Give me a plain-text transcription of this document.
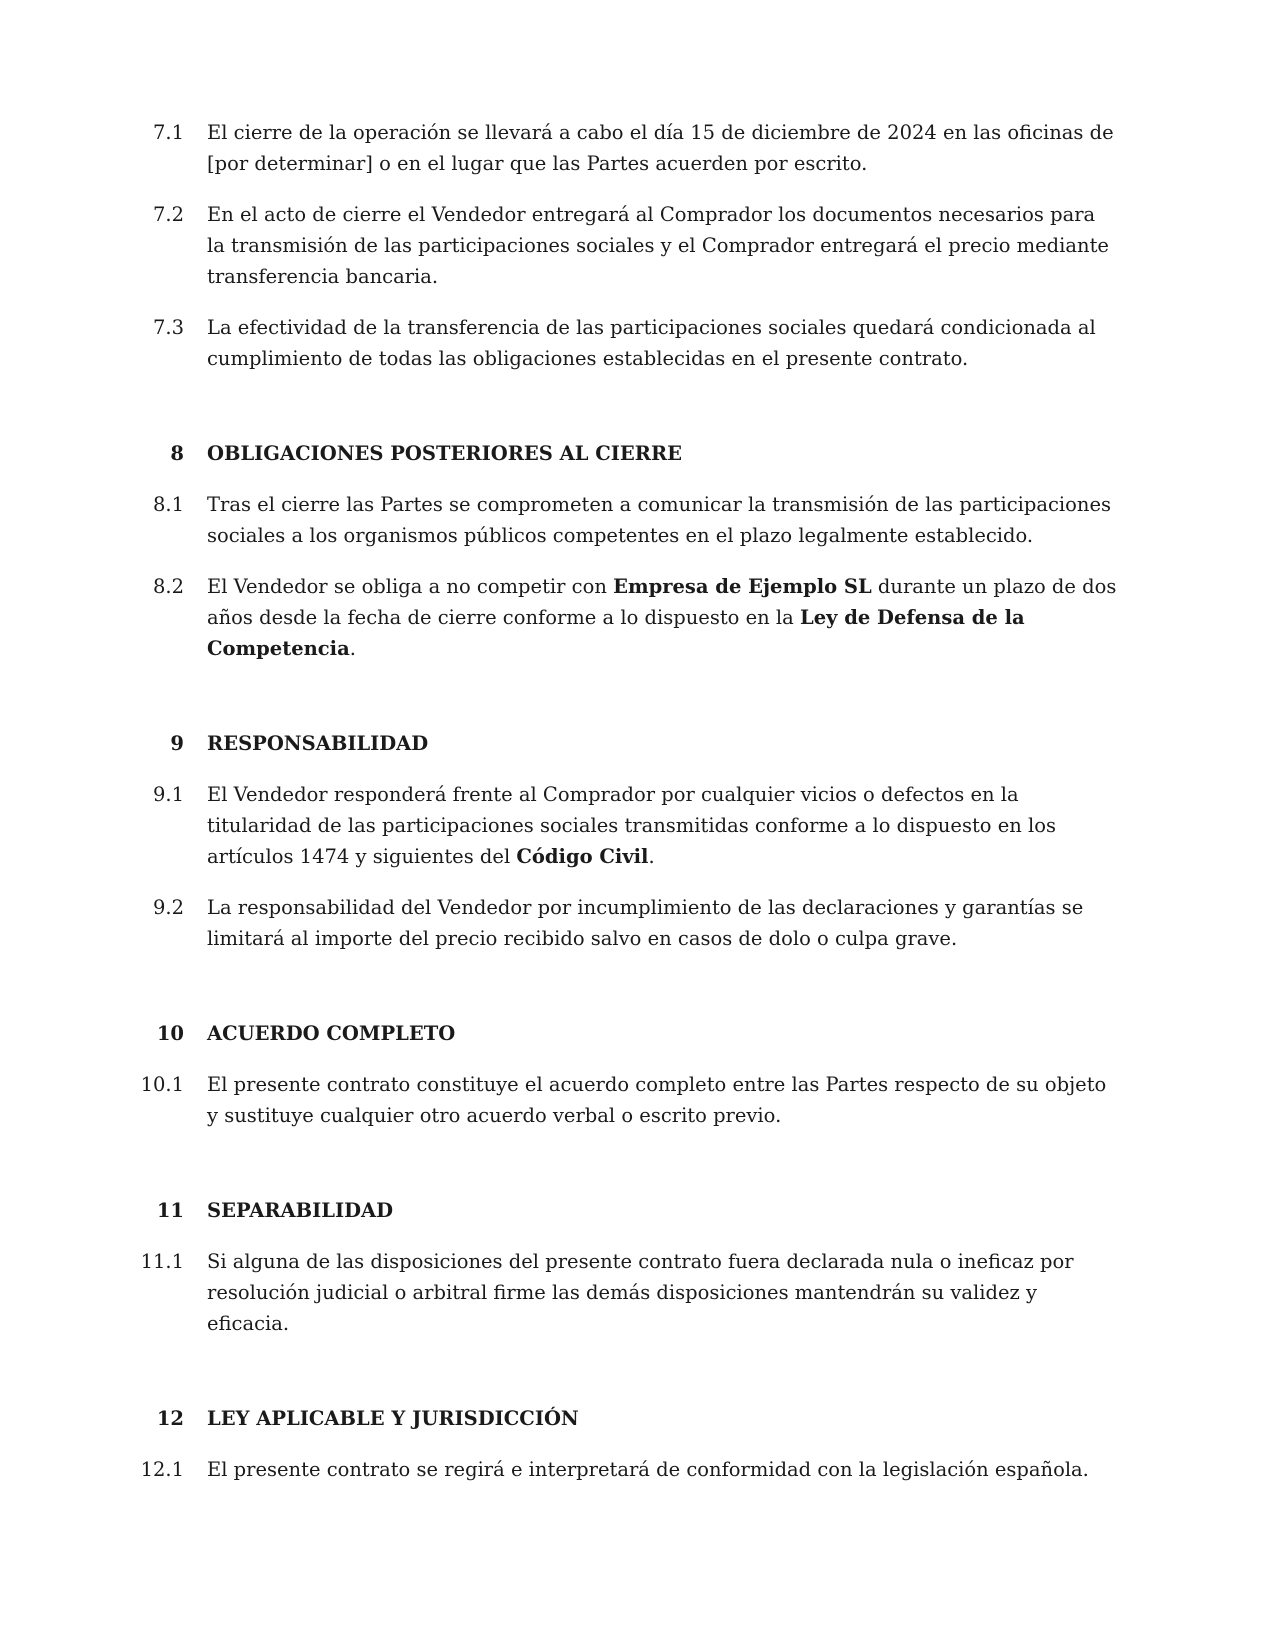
7.1 El cierre de la operación se llevará a cabo el día 15 de diciembre de 2024 en las oficinas de [por determinar] o en el lugar que las Partes acuerden por escrito.
7.2 En el acto de cierre el Vendedor entregará al Comprador los documentos necesarios para la transmisión de las participaciones sociales y el Comprador entregará el precio mediante transferencia bancaria.
7.3 La efectividad de la transferencia de las participaciones sociales quedará condicionada al cumplimiento de todas las obligaciones establecidas en el presente contrato.
8 OBLIGACIONES POSTERIORES AL CIERRE
8.1 Tras el cierre las Partes se comprometen a comunicar la transmisión de las participaciones sociales a los organismos públicos competentes en el plazo legalmente establecido.
8.2 El Vendedor se obliga a no competir con Empresa de Ejemplo SL durante un plazo de dos años desde la fecha de cierre conforme a lo dispuesto en la Ley de Defensa de la Competencia.
9 RESPONSABILIDAD
9.1 El Vendedor responderá frente al Comprador por cualquier vicios o defectos en la titularidad de las participaciones sociales transmitidas conforme a lo dispuesto en los artículos 1474 y siguientes del Código Civil.
9.2 La responsabilidad del Vendedor por incumplimiento de las declaraciones y garantías se limitará al importe del precio recibido salvo en casos de dolo o culpa grave.
10 ACUERDO COMPLETO
10.1 El presente contrato constituye el acuerdo completo entre las Partes respecto de su objeto y sustituye cualquier otro acuerdo verbal o escrito previo.
11 SEPARABILIDAD
11.1 Si alguna de las disposiciones del presente contrato fuera declarada nula o ineficaz por resolución judicial o arbitral firme las demás disposiciones mantendrán su validez y eficacia.
12 LEY APLICABLE Y JURISDICCIÓN
12.1 El presente contrato se regirá e interpretará de conformidad con la legislación española.
